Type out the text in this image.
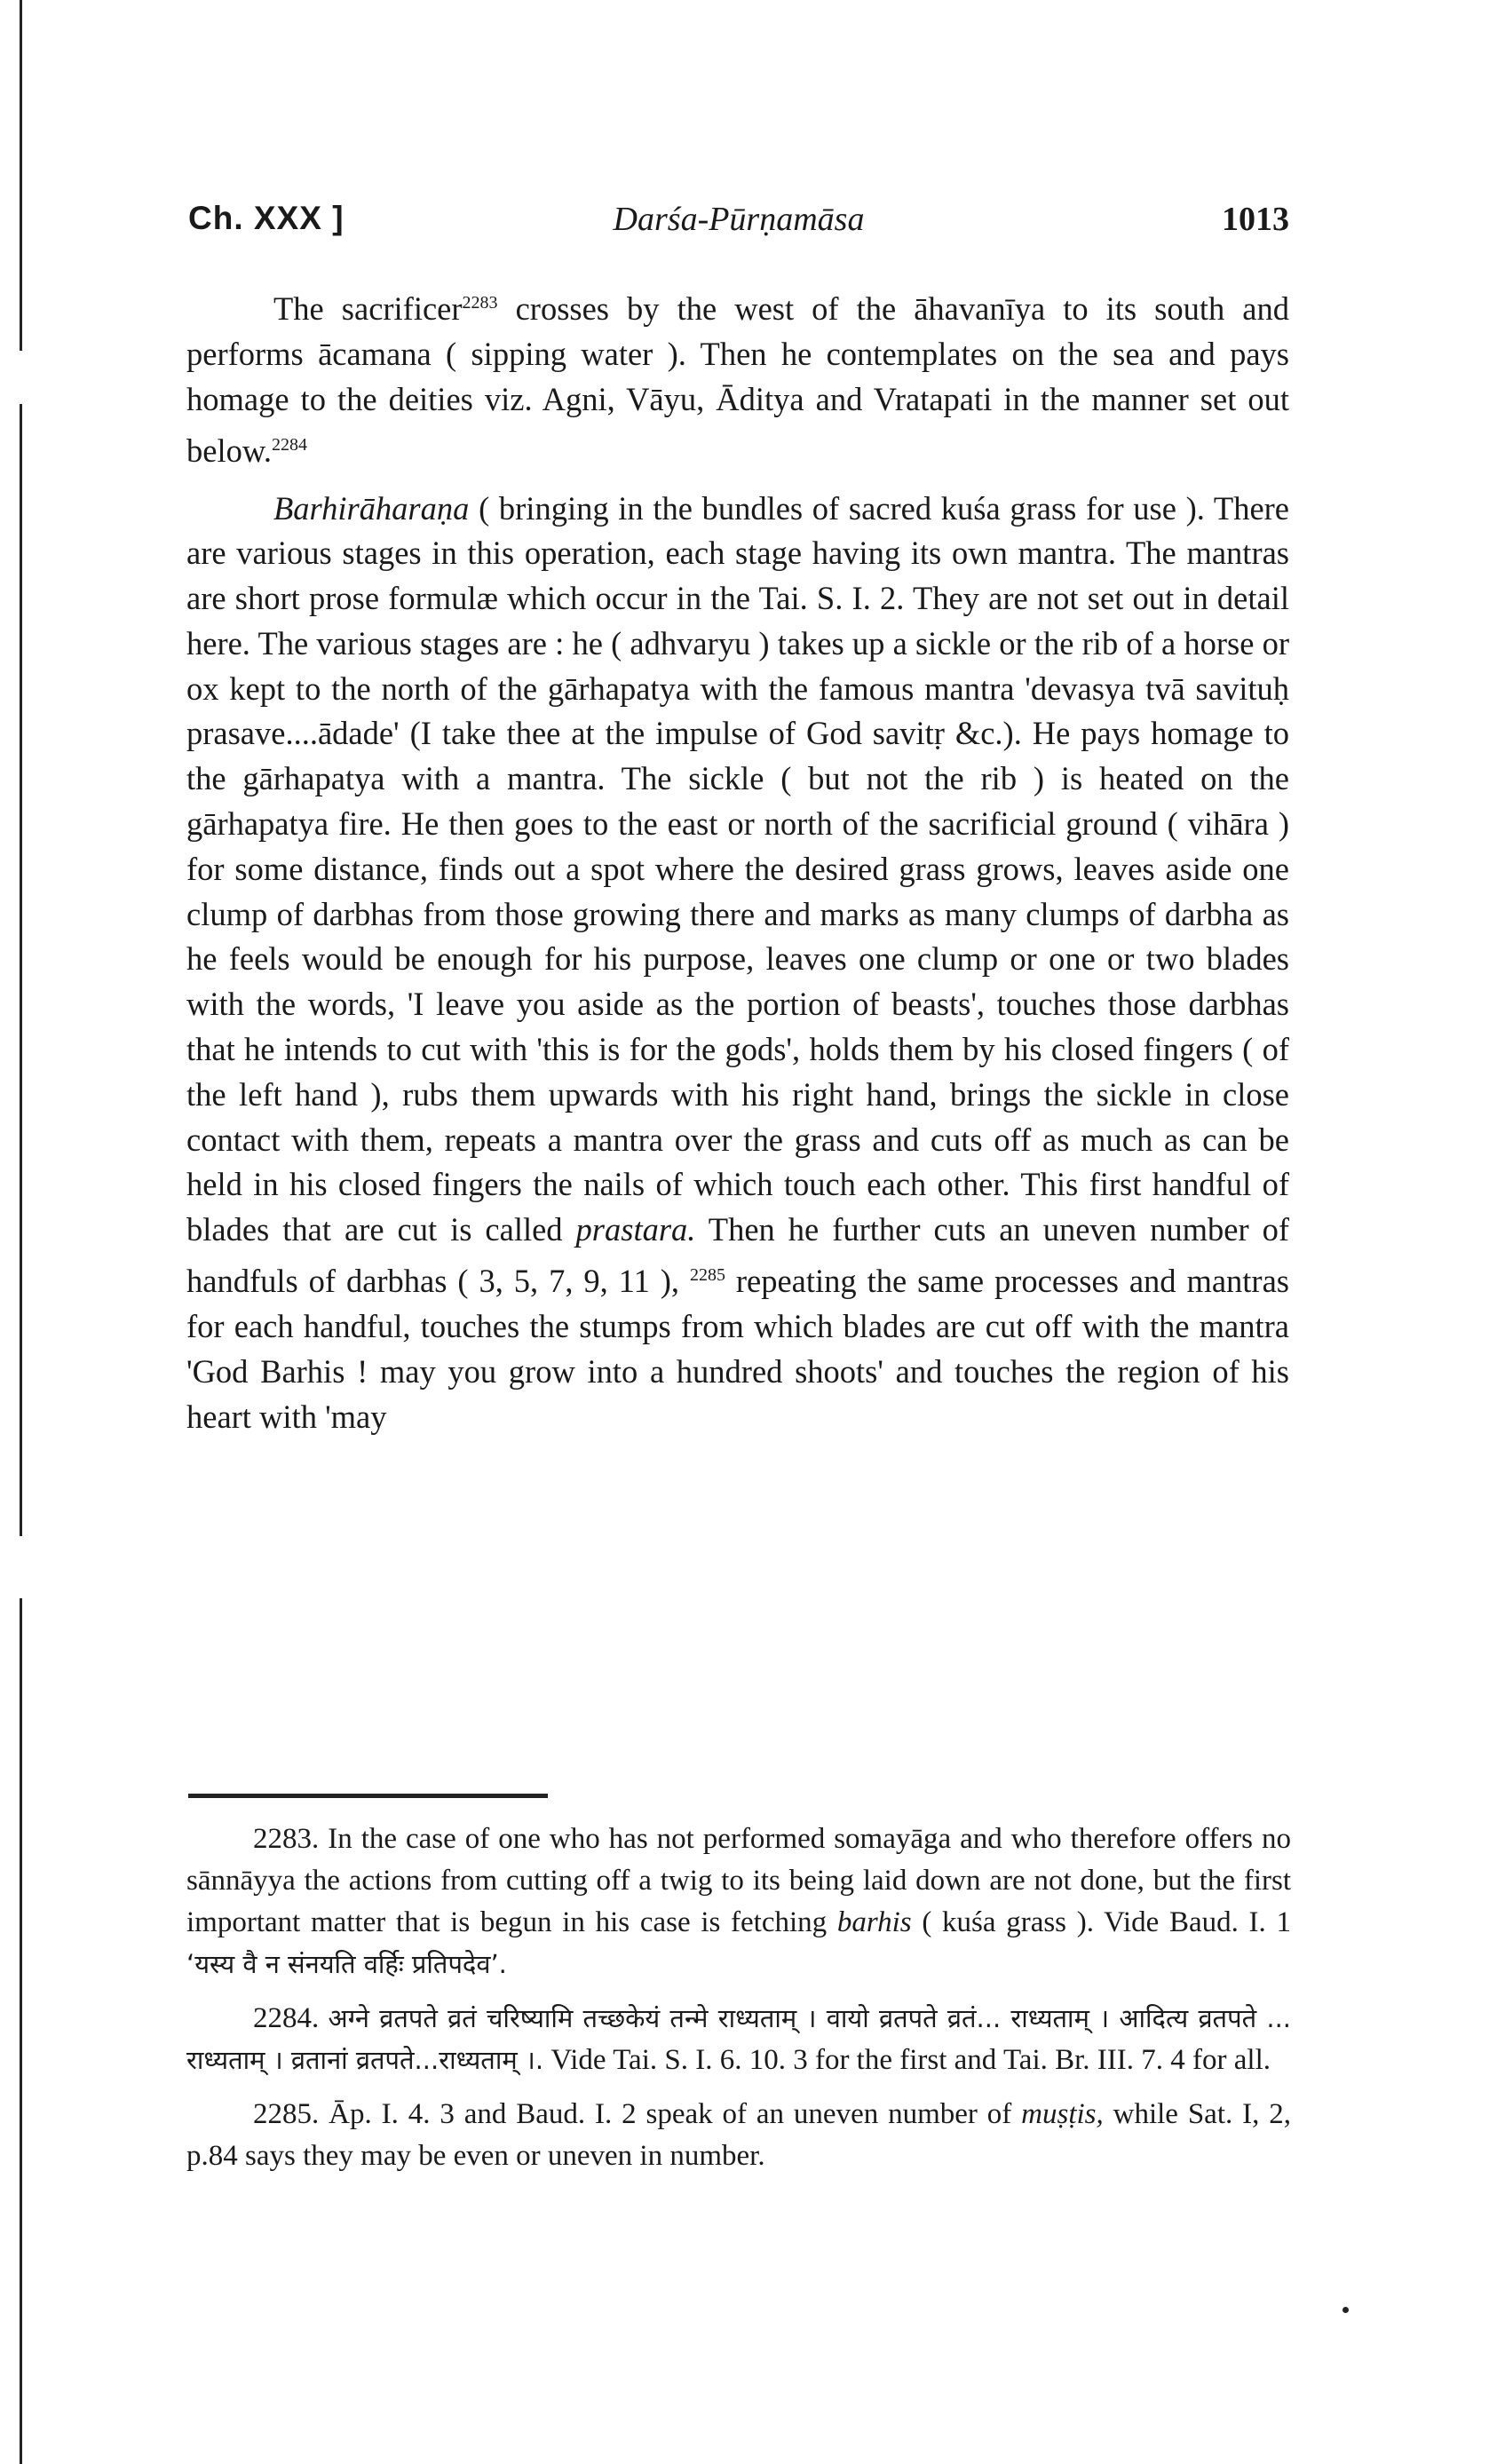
Ch. XXX ]	Darśa-Pūrṇamāsa	1013

The sacrificer$^{2283}$ crosses by the west of the āhavanīya to its south and performs ācamana ( sipping water ). Then he contemplates on the sea and pays homage to the deities viz. Agni, Vāyu, Āditya and Vratapati in the manner set out below.$^{2284}$

Barhirāharaṇa ( bringing in the bundles of sacred kuśa grass for use ). There are various stages in this operation, each stage having its own mantra. The mantras are short prose formulæ which occur in the Tai. S. I. 2. They are not set out in detail here. The various stages are : he ( adhvaryu ) takes up a sickle or the rib of a horse or ox kept to the north of the gārhapatya with the famous mantra 'devasya tvā savituḥ prasave....ādade' (I take thee at the impulse of God savitṛ &c.). He pays homage to the gārhapatya with a mantra. The sickle ( but not the rib ) is heated on the gārhapatya fire. He then goes to the east or north of the sacrificial ground ( vihāra ) for some distance, finds out a spot where the desired grass grows, leaves aside one clump of darbhas from those growing there and marks as many clumps of darbha as he feels would be enough for his purpose, leaves one clump or one or two blades with the words, 'I leave you aside as the portion of beasts', touches those darbhas that he intends to cut with 'this is for the gods', holds them by his closed fingers ( of the left hand ), rubs them upwards with his right hand, brings the sickle in close contact with them, repeats a mantra over the grass and cuts off as much as can be held in his closed fingers the nails of which touch each other. This first handful of blades that are cut is called prastara. Then he further cuts an uneven number of handfuls of darbhas ( 3, 5, 7, 9, 11 ), $^{2285}$ repeating the same processes and mantras for each handful, touches the stumps from which blades are cut off with the mantra 'God Barhis ! may you grow into a hundred shoots' and touches the region of his heart with 'may

2283. In the case of one who has not performed somayāga and who therefore offers no sānnāyya the actions from cutting off a twig to its being laid down are not done, but the first important matter that is begun in his case is fetching barhis ( kuśa grass ). Vide Baud. I. 1 ‘यस्य वै न संनयति वर्हिः प्रतिपदेव’.

2284. अग्ने व्रतपते व्रतं चरिष्यामि तच्छकेयं तन्मे राध्यताम् । वायो व्रतपते व्रतं... राध्यताम् । आदित्य व्रतपते ... राध्यताम् । व्रतानां व्रतपते...राध्यताम् ।. Vide Tai. S. I. 6. 10. 3 for the first and Tai. Br. III. 7. 4 for all.

2285. Āp. I. 4. 3 and Baud. I. 2 speak of an uneven number of muṣṭis, while Sat. I, 2, p.84 says they may be even or uneven in number.
